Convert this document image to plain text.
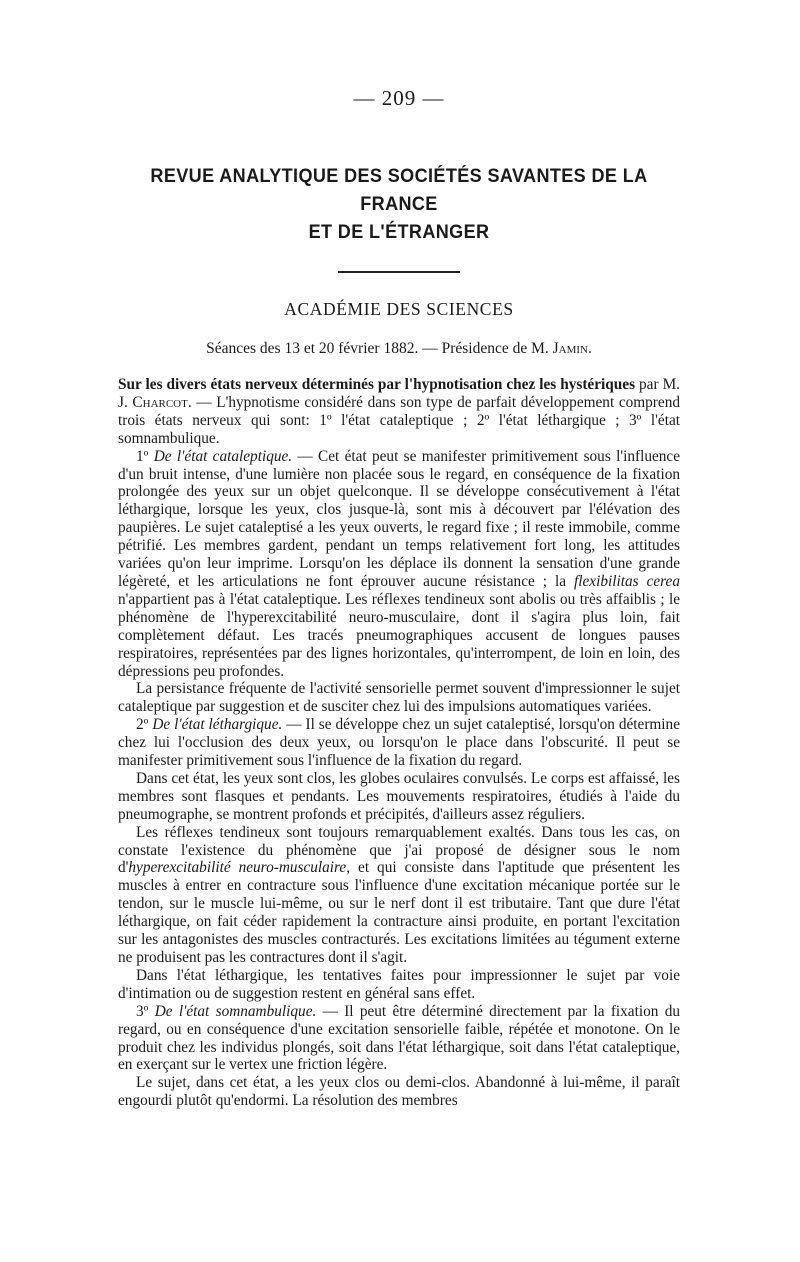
— 209 —
REVUE ANALYTIQUE DES SOCIÉTÉS SAVANTES DE LA FRANCE
ET DE L'ÉTRANGER
ACADÉMIE DES SCIENCES
Séances des 13 et 20 février 1882. — Présidence de M. Jamin.

Sur les divers états nerveux déterminés par l'hypnotisation chez les hystériques par M. J. Charcot. — L'hypnotisme considéré dans son type de parfait développement comprend trois états nerveux qui sont: 1º l'état cataleptique ; 2º l'état léthargique ; 3º l'état somnambulique.

1º De l'état cataleptique. — Cet état peut se manifester primitivement sous l'influence d'un bruit intense, d'une lumière non placée sous le regard, en conséquence de la fixation prolongée des yeux sur un objet quelconque. Il se développe consécutivement à l'état léthargique, lorsque les yeux, clos jusque-là, sont mis à découvert par l'élévation des paupières. Le sujet cataleptisé a les yeux ouverts, le regard fixe ; il reste immobile, comme pétrifié. Les membres gardent, pendant un temps relativement fort long, les attitudes variées qu'on leur imprime. Lorsqu'on les déplace ils donnent la sensation d'une grande légèreté, et les articulations ne font éprouver aucune résistance ; la flexibilitas cerea n'appartient pas à l'état cataleptique. Les réflexes tendineux sont abolis ou très affaiblis ; le phénomène de l'hyperexcitabilité neuro-musculaire, dont il s'agira plus loin, fait complètement défaut. Les tracés pneumographiques accusent de longues pauses respiratoires, représentées par des lignes horizontales, qu'interrompent, de loin en loin, des dépressions peu profondes.

La persistance fréquente de l'activité sensorielle permet souvent d'impressionner le sujet cataleptique par suggestion et de susciter chez lui des impulsions automatiques variées.

2º De l'état léthargique. — Il se développe chez un sujet cataleptisé, lorsqu'on détermine chez lui l'occlusion des deux yeux, ou lorsqu'on le place dans l'obscurité. Il peut se manifester primitivement sous l'influence de la fixation du regard.

Dans cet état, les yeux sont clos, les globes oculaires convulsés. Le corps est affaissé, les membres sont flasques et pendants. Les mouvements respiratoires, étudiés à l'aide du pneumographe, se montrent profonds et précipités, d'ailleurs assez réguliers.

Les réflexes tendineux sont toujours remarquablement exaltés. Dans tous les cas, on constate l'existence du phénomène que j'ai proposé de désigner sous le nom d'hyperexcitabilité neuro-musculaire, et qui consiste dans l'aptitude que présentent les muscles à entrer en contracture sous l'influence d'une excitation mécanique portée sur le tendon, sur le muscle lui-même, ou sur le nerf dont il est tributaire. Tant que dure l'état léthargique, on fait céder rapidement la contracture ainsi produite, en portant l'excitation sur les antagonistes des muscles contracturés. Les excitations limitées au tégument externe ne produisent pas les contractures dont il s'agit.

Dans l'état léthargique, les tentatives faites pour impressionner le sujet par voie d'intimation ou de suggestion restent en général sans effet.

3º De l'état somnambulique. — Il peut être déterminé directement par la fixation du regard, ou en conséquence d'une excitation sensorielle faible, répétée et monotone. On le produit chez les individus plongés, soit dans l'état léthargique, soit dans l'état cataleptique, en exerçant sur le vertex une friction légère.

Le sujet, dans cet état, a les yeux clos ou demi-clos. Abandonné à lui-même, il paraît engourdi plutôt qu'endormi. La résolution des membres
